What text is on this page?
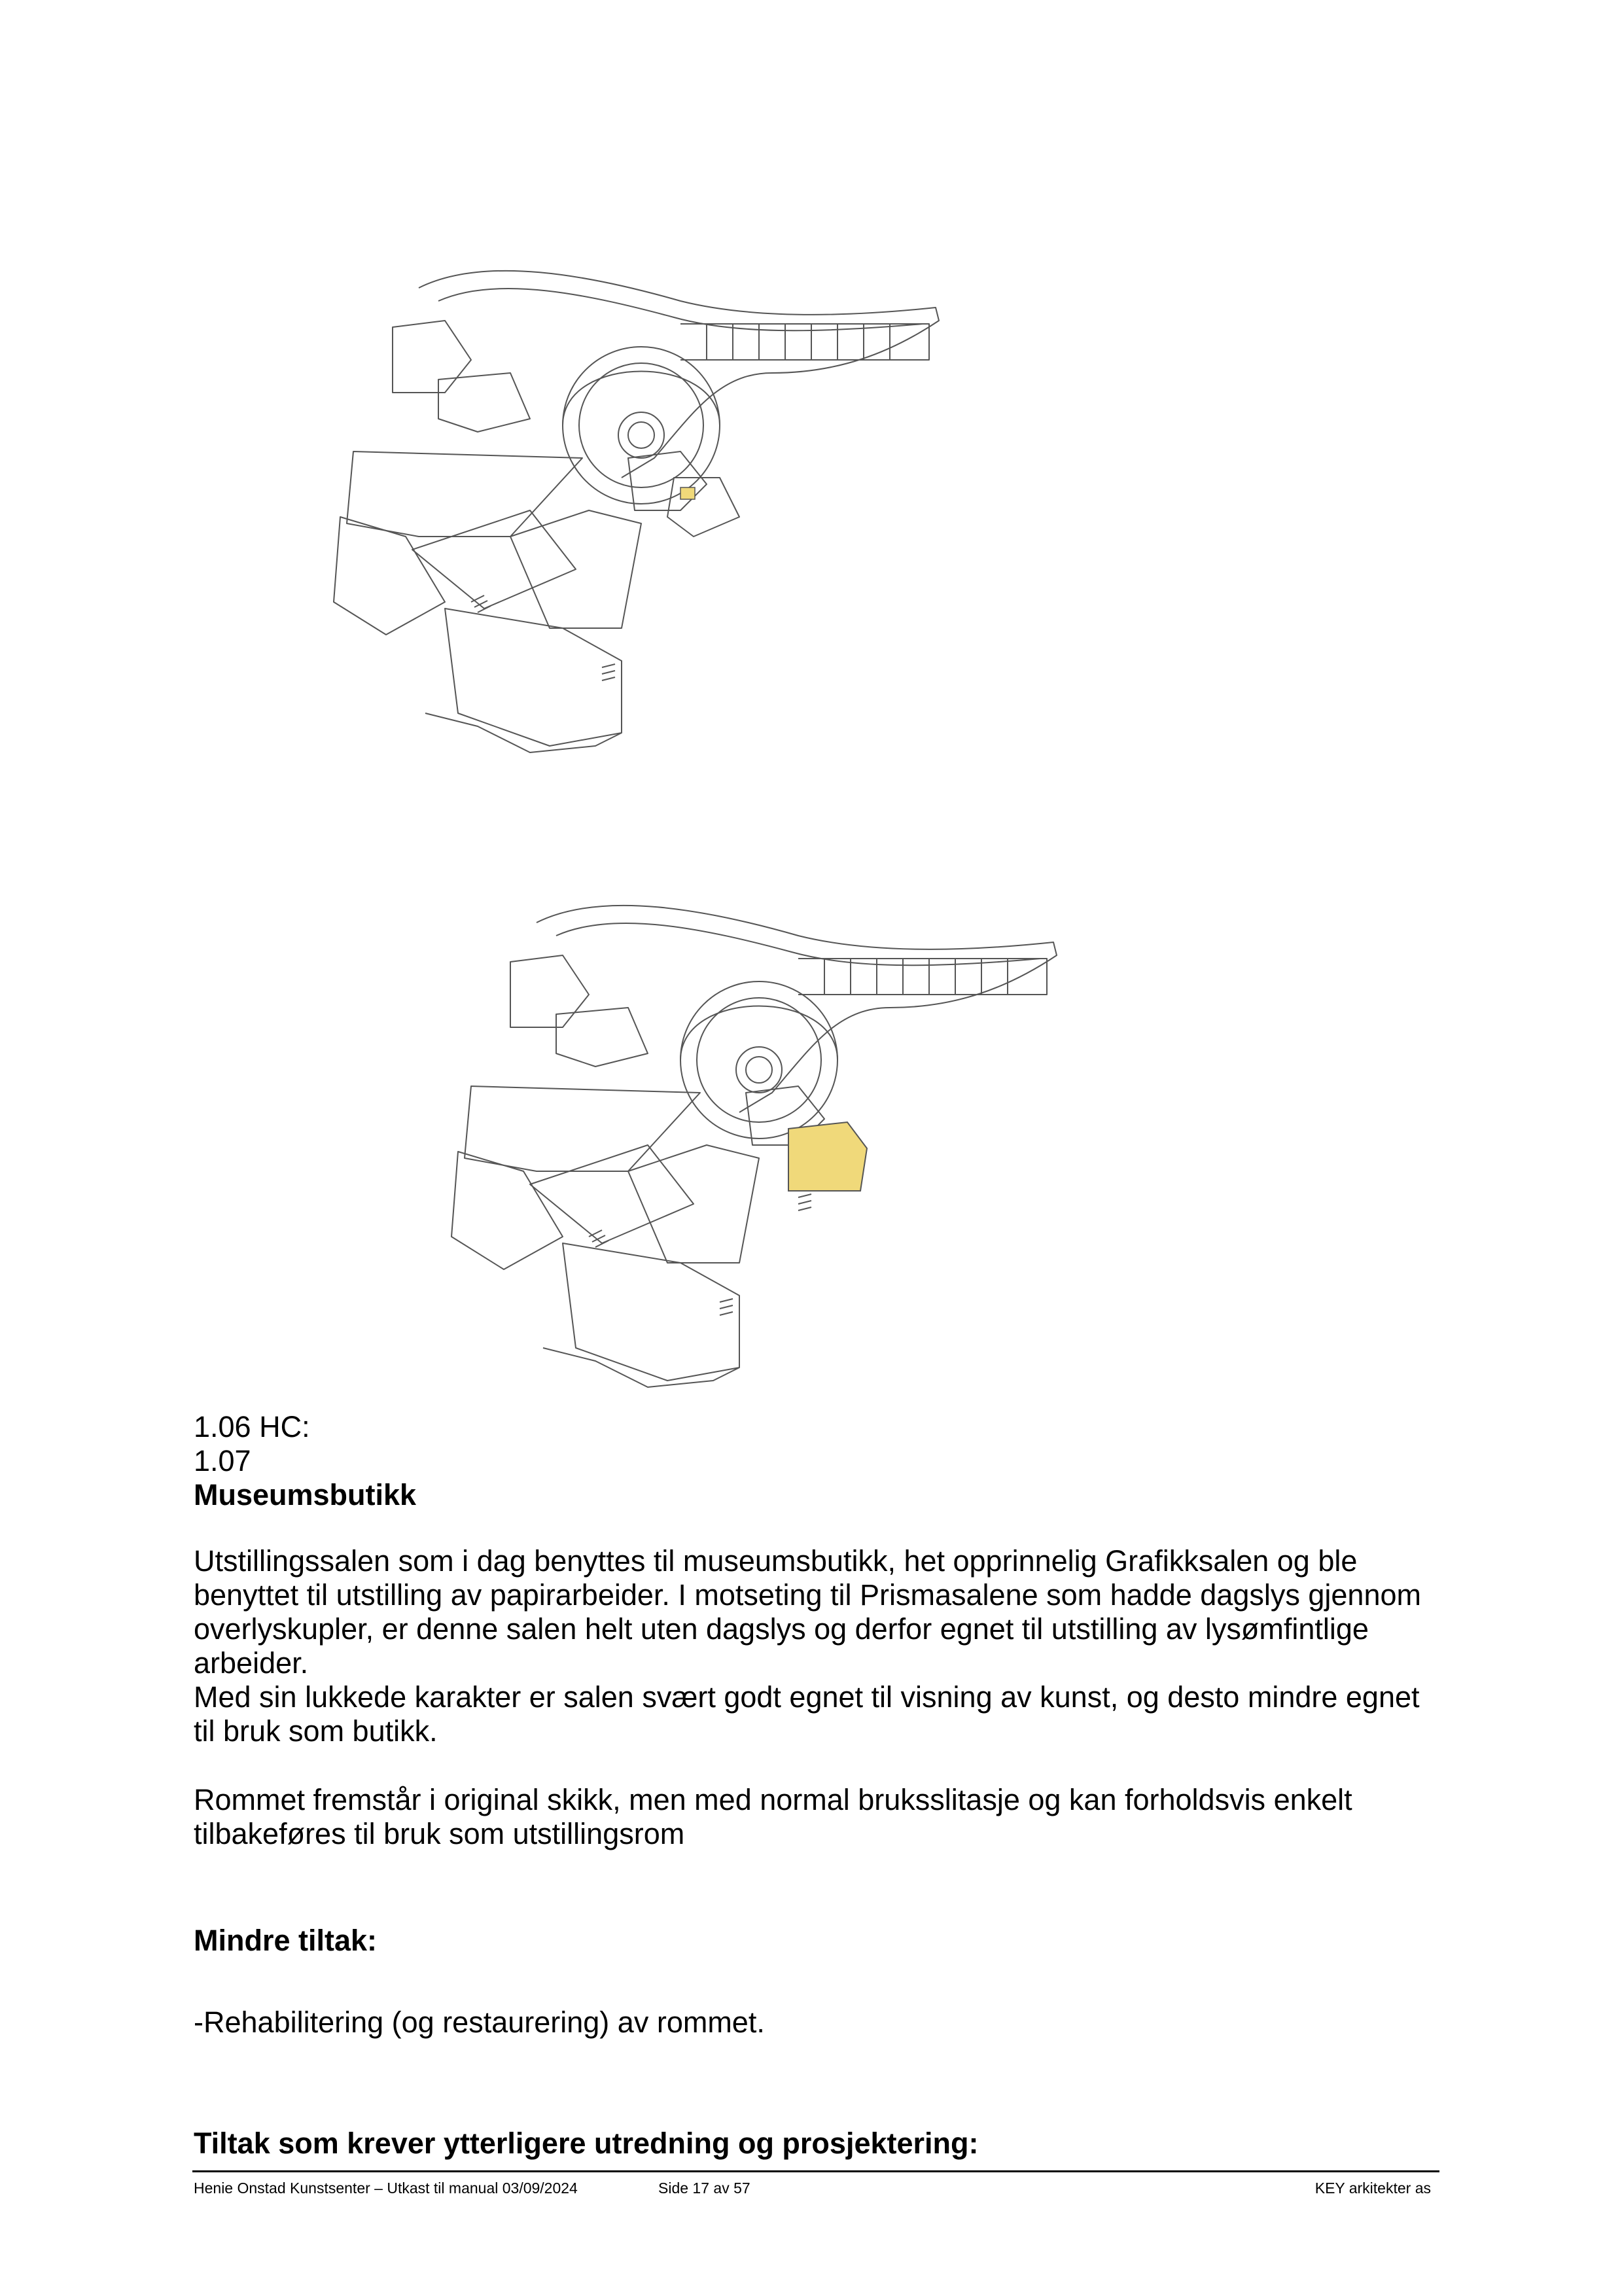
1.06 HC:
1.07
Museumsbutikk

Utstillingssalen som i dag benyttes til museumsbutikk, het opprinnelig Grafikksalen og ble benyttet til utstilling av papirarbeider. I motseting til Prismasalene som hadde dagslys gjennom overlyskupler, er denne salen helt uten dagslys og derfor egnet til utstilling av lysømfintlige arbeider.

Med sin lukkede karakter er salen svært godt egnet til visning av kunst, og desto mindre egnet til bruk som butikk.

Rommet fremstår i original skikk, men med normal bruksslitasje og kan forholdsvis enkelt tilbakeføres til bruk som utstillingsrom

Mindre tiltak:
-Rehabilitering (og restaurering) av rommet.
Tiltak som krever ytterligere utredning og prosjektering:
Henie Onstad Kunstsenter – Utkast til manual 03/09/2024	Side 17 av 57	KEY arkitekter as
